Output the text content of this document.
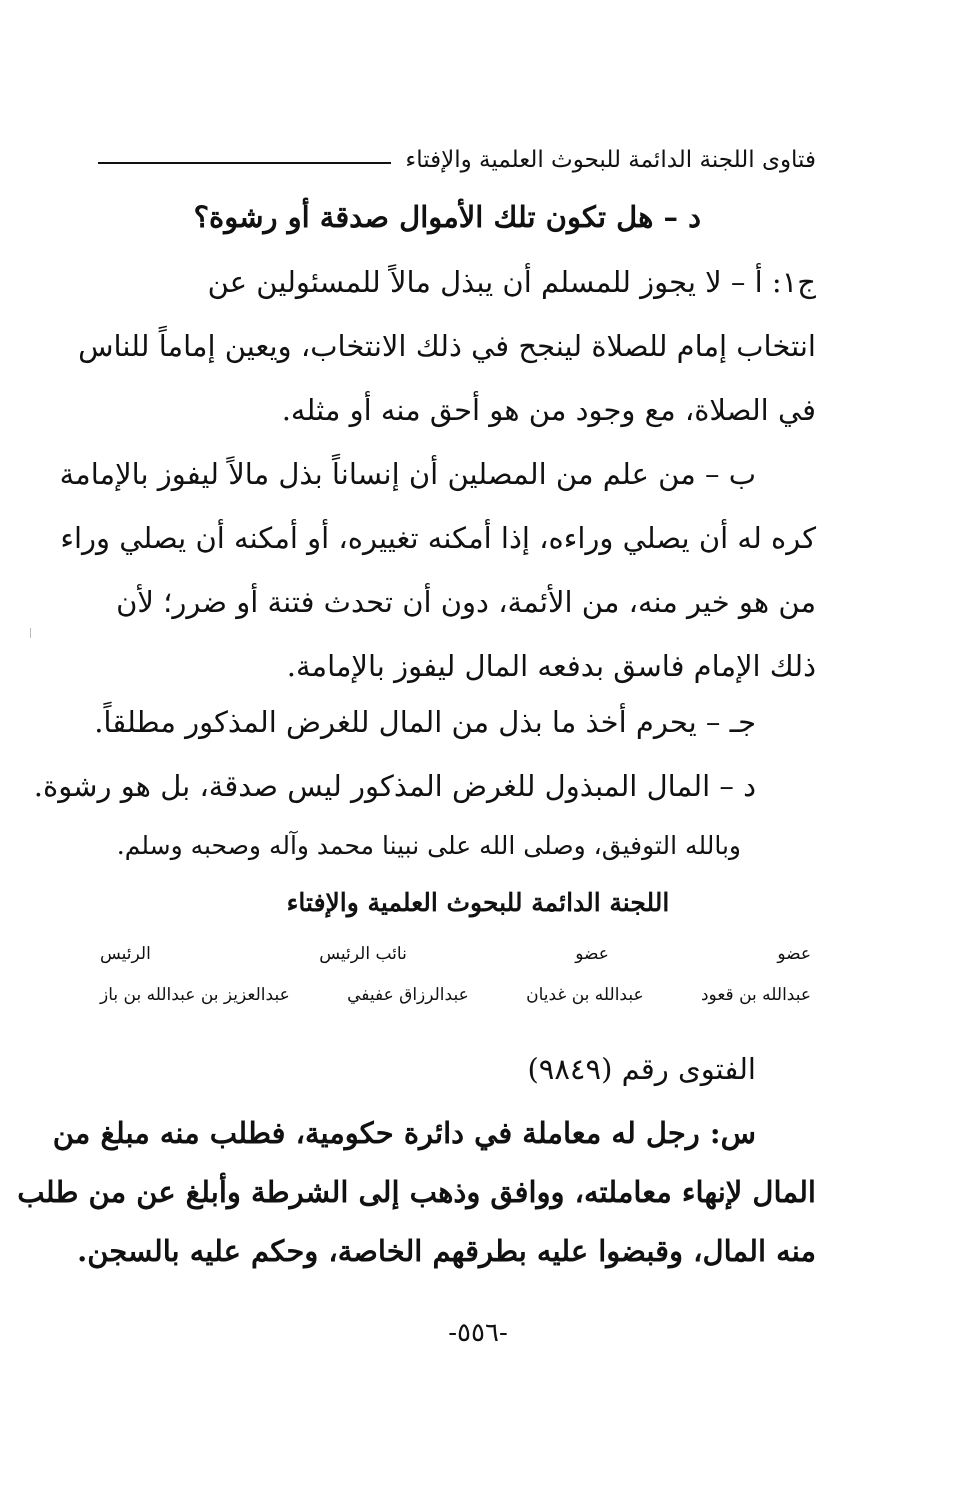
فتاوى اللجنة الدائمة للبحوث العلمية والإفتاء
د – هل تكون تلك الأموال صدقة أو رشوة؟
ج١: أ – لا يجوز للمسلم أن يبذل مالاً للمسئولين عن
انتخاب إمام للصلاة لينجح في ذلك الانتخاب، ويعين إماماً للناس
في الصلاة، مع وجود من هو أحق منه أو مثله.
ب – من علم من المصلين أن إنساناً بذل مالاً ليفوز بالإمامة
كره له أن يصلي وراءه، إذا أمكنه تغييره، أو أمكنه أن يصلي وراء
من هو خير منه، من الأئمة، دون أن تحدث فتنة أو ضرر؛ لأن
ذلك الإمام فاسق بدفعه المال ليفوز بالإمامة.
جـ – يحرم أخذ ما بذل من المال للغرض المذكور مطلقاً.
د – المال المبذول للغرض المذكور ليس صدقة، بل هو رشوة.
وبالله التوفيق، وصلى الله على نبينا محمد وآله وصحبه وسلم.
اللجنة الدائمة للبحوث العلمية والإفتاء
عضو
عضو
نائب الرئيس
الرئيس
عبدالله بن قعود
عبدالله بن غديان
عبدالرزاق عفيفي
عبدالعزيز بن عبدالله بن باز
الفتوى رقم (٩٨٤٩)
س: رجل له معاملة في دائرة حكومية، فطلب منه مبلغ من
المال لإنهاء معاملته، ووافق وذهب إلى الشرطة وأبلغ عن من طلب
منه المال، وقبضوا عليه بطرقهم الخاصة، وحكم عليه بالسجن.
-٥٥٦-
